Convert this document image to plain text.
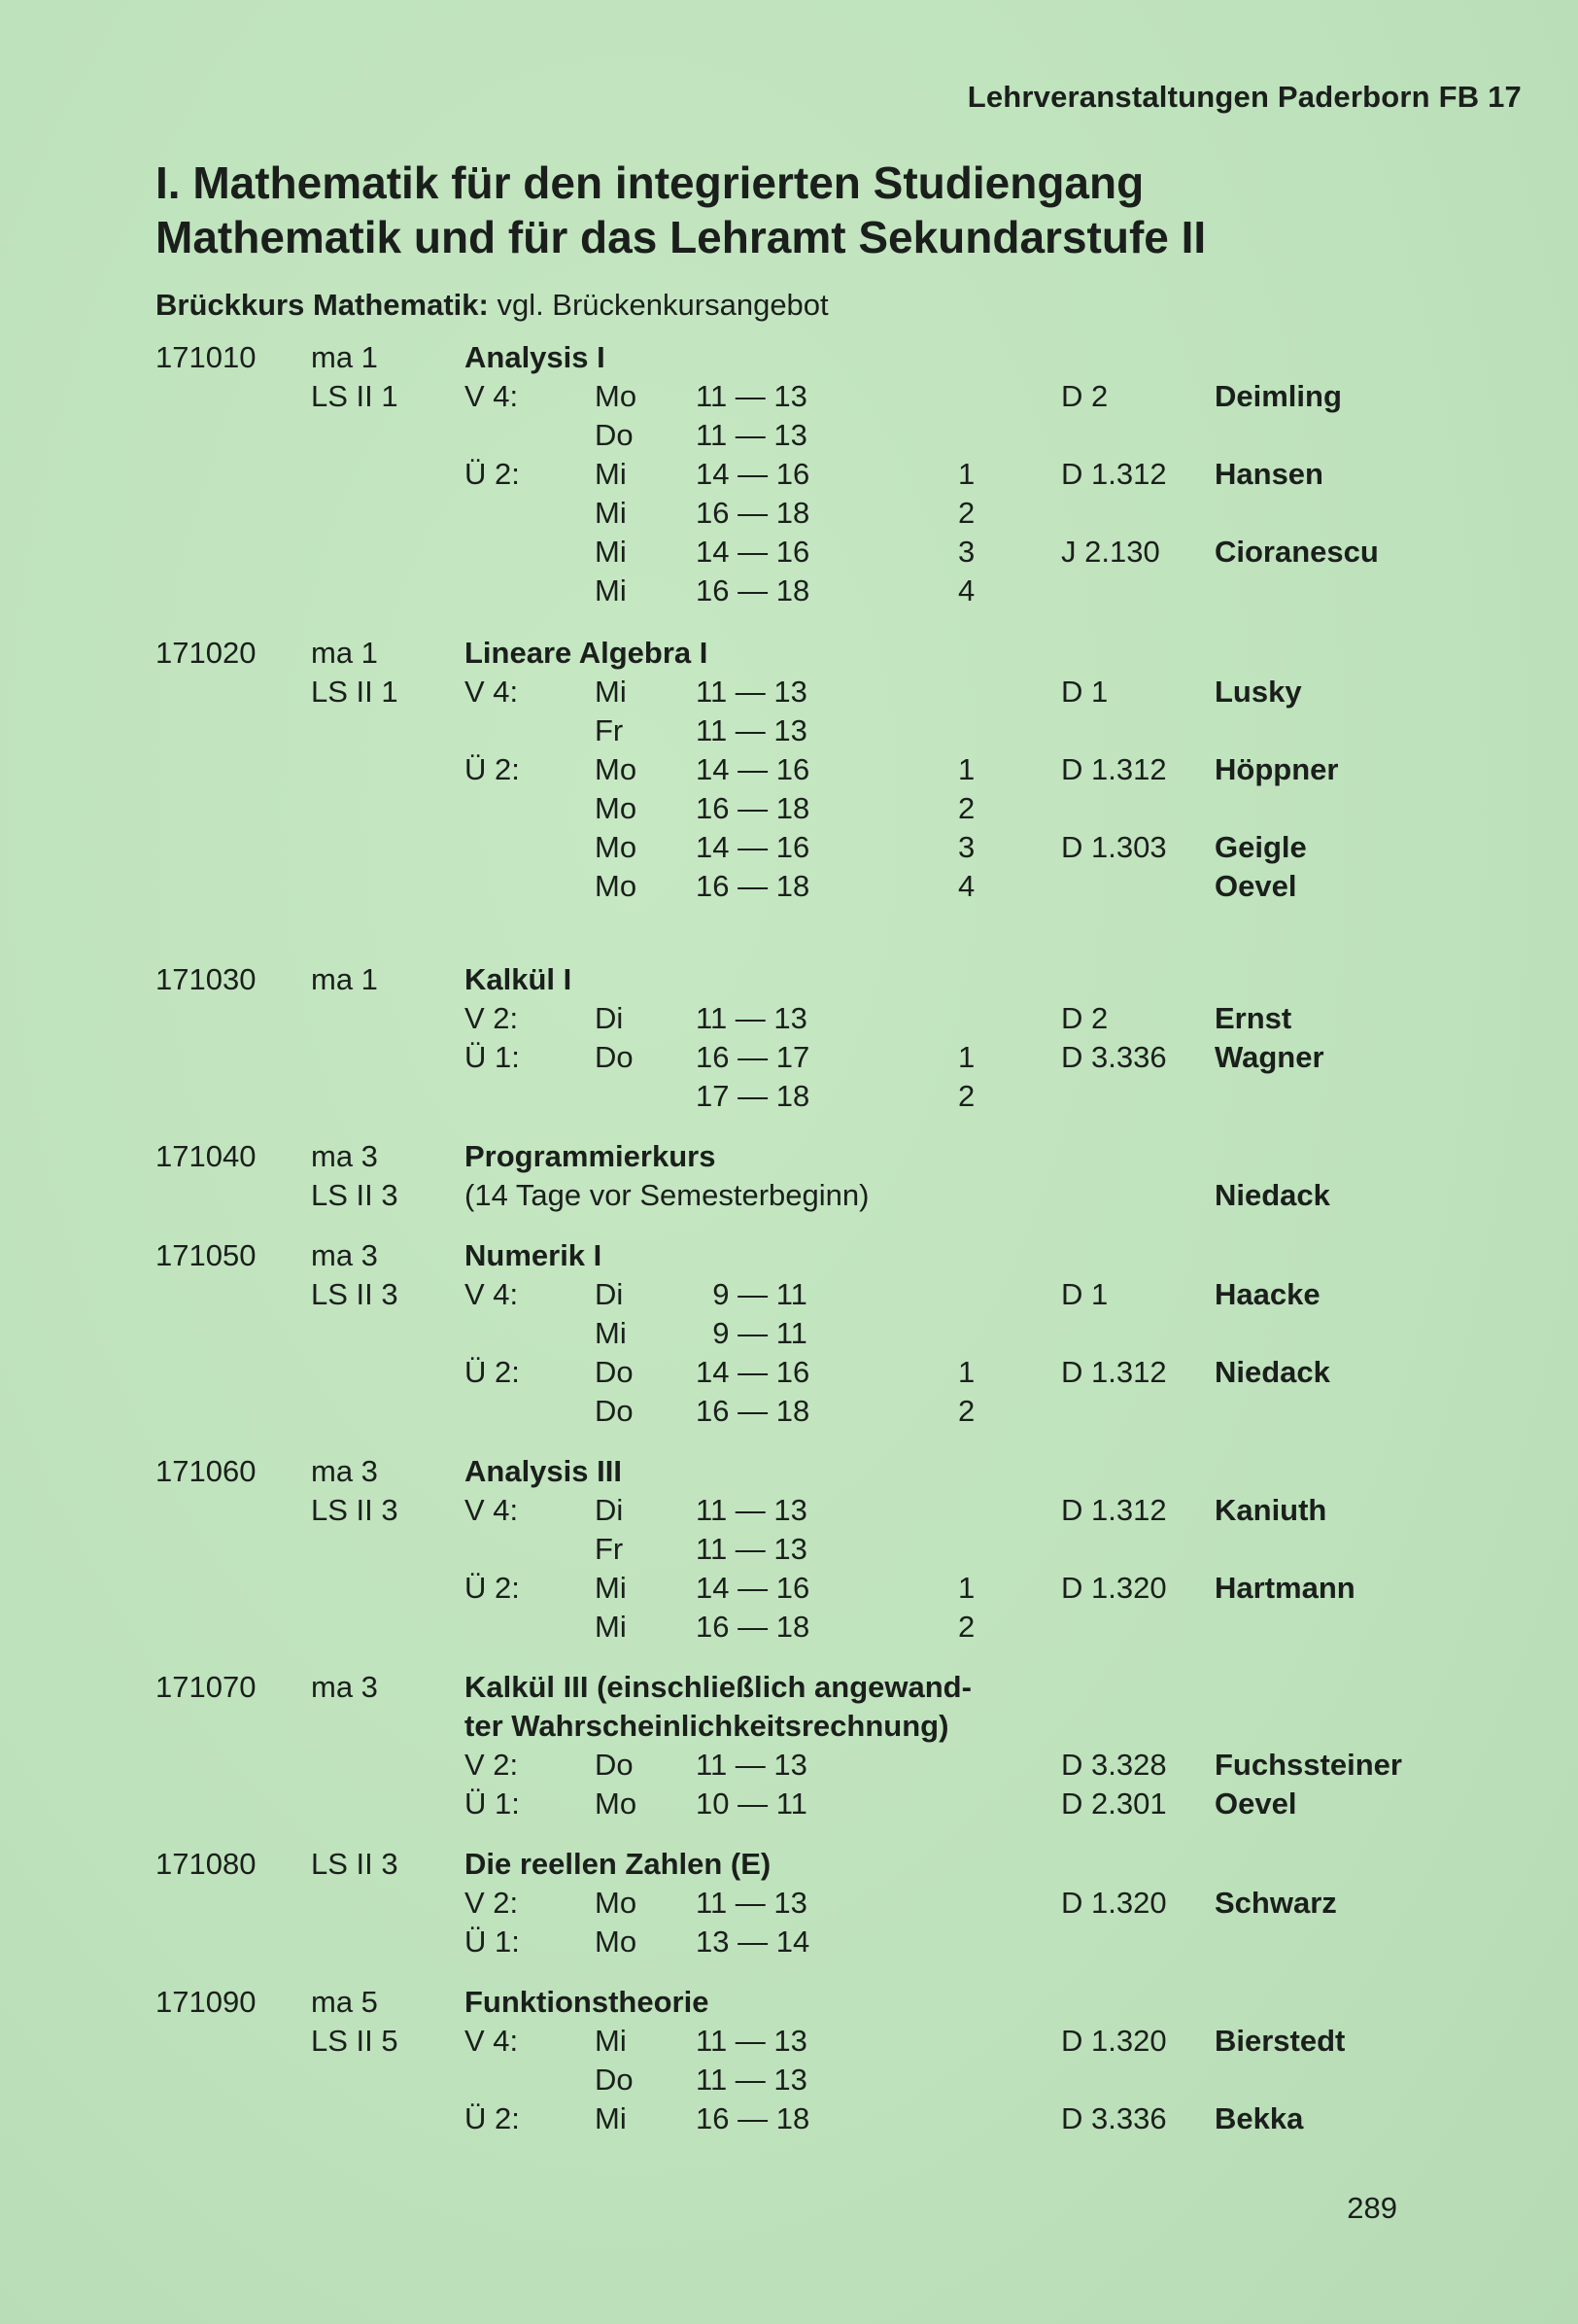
Lehrveranstaltungen Paderborn FB 17
I. Mathematik für den integrierten Studiengang
Mathematik und für das Lehramt Sekundarstufe II
Brückkurs Mathematik: vgl. Brückenkursangebot
171010 ma 1	Analysis I
LS II 1 V 4:	Mo 11 — 13	D 2	Deimling
Do 11 — 13
Ü 2: Mi 14 — 16	1	D 1.312 Hansen
Mi 16 — 18	2
Mi 14 — 16	3	J 2.130 Cioranescu
Mi 16 — 18	4
171020 ma 1	Lineare Algebra I
LS II 1 V 4:	Mi 11 — 13	D 1	Lusky
Fr 11 — 13
Ü 2: Mo 14 — 16	1	D 1.312 Höppner
Mo 16 — 18	2
Mo 14 — 16	3	D 1.303 Geigle
Mo 16 — 18	4	Oevel
171030 ma 1	Kalkül I
V 2:	Di 11 — 13	D 2	Ernst
Ü 1: Do 16 — 17	1	D 3.336 Wagner
17 — 18	2
171040 ma 3	Programmierkurs
LS II 3 (14 Tage vor Semesterbeginn)	Niedack
171050 ma 3	Numerik I
LS II 3 V 4:	Di 9 — 11	D 1	Haacke
Mi 9 — 11
Ü 2: Do 14 — 16	1	D 1.312 Niedack
Do 16 — 18	2
171060 ma 3	Analysis III
LS II 3 V 4:	Di 11 — 13	D 1.312 Kaniuth
Fr 11 — 13
Ü 2: Mi 14 — 16	1	D 1.320 Hartmann
Mi 16 — 18	2
171070 ma 3	Kalkül III (einschließlich angewand-
ter Wahrscheinlichkeitsrechnung)
V 2:	Do 11 — 13	D 3.328 Fuchssteiner
Ü 1: Mo 10 — 11	D 2.301 Oevel
171080 LS II 3 Die reellen Zahlen (E)
V 2:	Mo 11 — 13	D 1.320 Schwarz
Ü 1: Mo 13 — 14
171090 ma 5	Funktionstheorie
LS II 5 V 4:	Mi 11 — 13	D 1.320 Bierstedt
Do 11 — 13
Ü 2: Mi 16 — 18	D 3.336 Bekka
289
